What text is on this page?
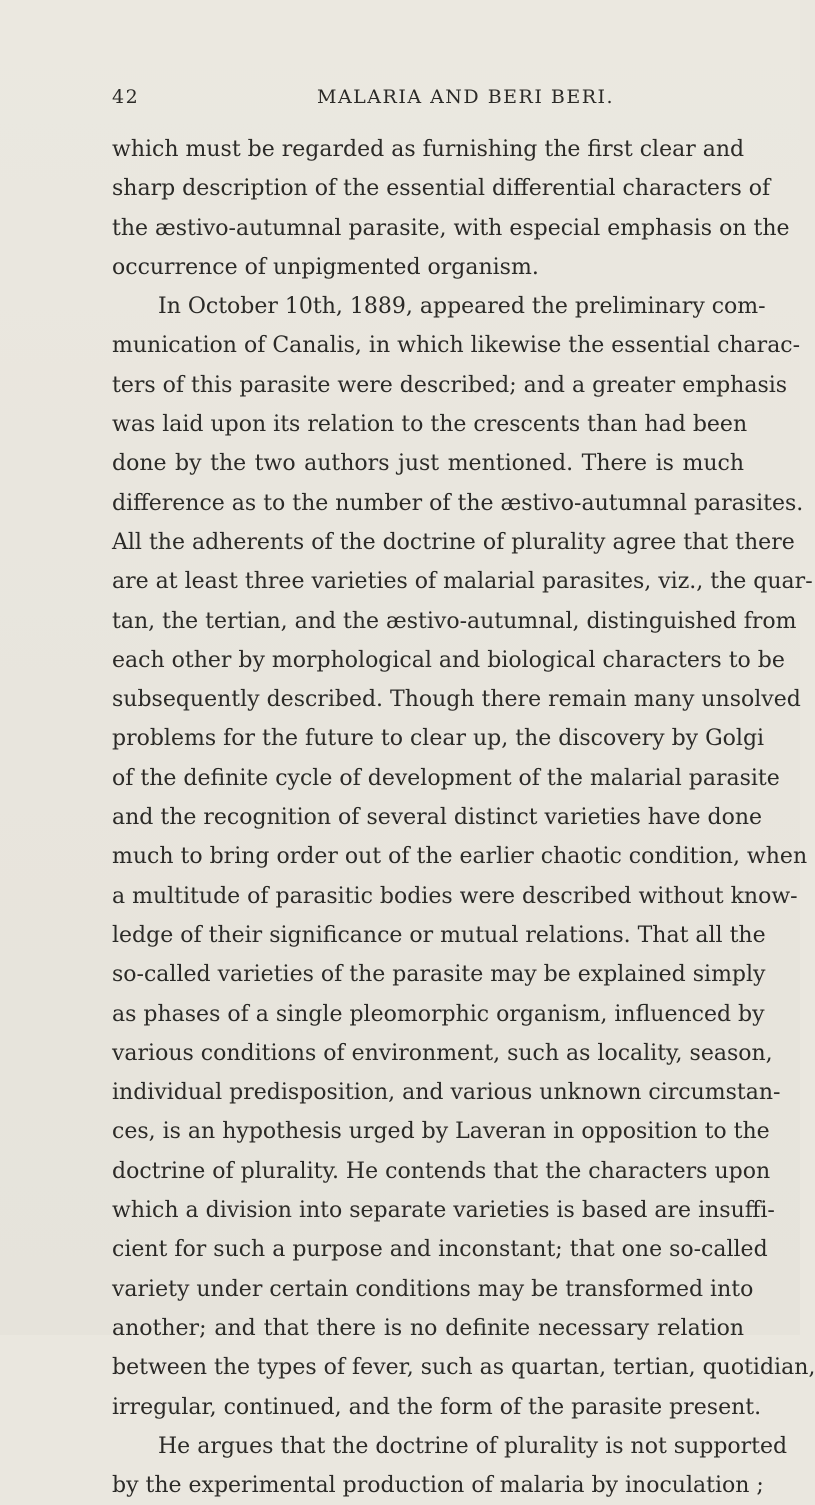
42	MALARIA AND BERI BERI.
which must be regarded as furnishing the first clear and
sharp description of the essential differential characters of
the æstivo-autumnal parasite, with especial emphasis on the
occurrence of unpigmented organism.
In October 10th, 1889, appeared the preliminary com-
munication of Canalis, in which likewise the essential charac-
ters of this parasite were described; and a greater emphasis
was laid upon its relation to the crescents than had been
done by the two authors just mentioned. There is much
difference as to the number of the æstivo-autumnal parasites.
All the adherents of the doctrine of plurality agree that there
are at least three varieties of malarial parasites, viz., the quar-
tan, the tertian, and the æstivo-autumnal, distinguished from
each other by morphological and biological characters to be
subsequently described. Though there remain many unsolved
problems for the future to clear up, the discovery by Golgi
of the definite cycle of development of the malarial parasite
and the recognition of several distinct varieties have done
much to bring order out of the earlier chaotic condition, when
a multitude of parasitic bodies were described without know-
ledge of their significance or mutual relations. That all the
so-called varieties of the parasite may be explained simply
as phases of a single pleomorphic organism, influenced by
various conditions of environment, such as locality, season,
individual predisposition, and various unknown circumstan-
ces, is an hypothesis urged by Laveran in opposition to the
doctrine of plurality. He contends that the characters upon
which a division into separate varieties is based are insuffi-
cient for such a purpose and inconstant; that one so-called
variety under certain conditions may be transformed into
another; and that there is no definite necessary relation
between the types of fever, such as quartan, tertian, quotidian,
irregular, continued, and the form of the parasite present.
He argues that the doctrine of plurality is not supported
by the experimental production of malaria by inoculation ;
